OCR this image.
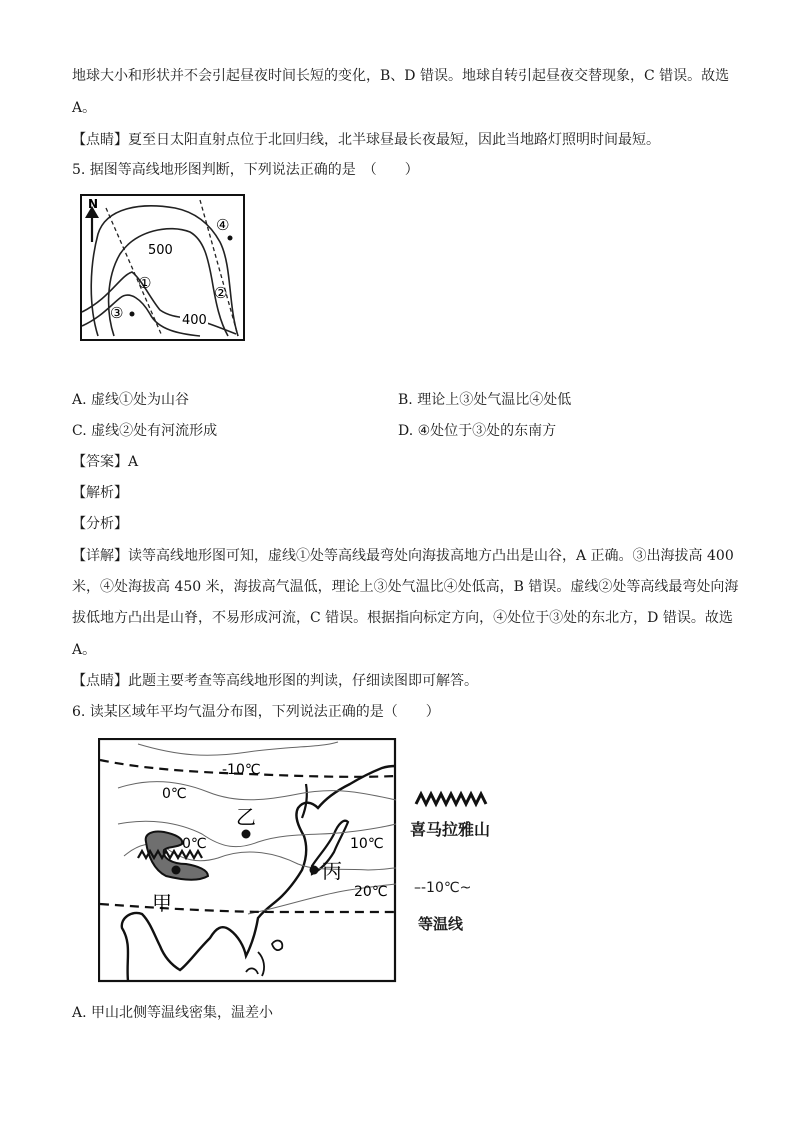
地球大小和形状并不会引起昼夜时间长短的变化，B、D 错误。地球自转引起昼夜交替现象，C 错误。故选
A。
【点睛】夏至日太阳直射点位于北回归线，北半球昼最长夜最短，因此当地路灯照明时间最短。
5. 据图等高线地形图判断，下列说法正确的是　（　　）
N
500
400
①
②
③
④
A. 虚线①处为山谷	B. 理论上③处气温比④处低
C. 虚线②处有河流形成	D. ④处位于③处的东南方
【答案】A
【解析】
【分析】
【详解】读等高线地形图可知，虚线①处等高线最弯处向海拔高地方凸出是山谷，A 正确。③出海拔高 400
米，④处海拔高 450 米，海拔高气温低，理论上③处气温比④处低高，B 错误。虚线②处等高线最弯处向海
拔低地方凸出是山脊，不易形成河流，C 错误。根据指向标定方向，④处位于③处的东北方，D 错误。故选
A。
【点睛】此题主要考查等高线地形图的判读，仔细读图即可解答。
6. 读某区域年平均气温分布图，下列说法正确的是（　　）
-10℃
0℃
0℃	10℃
20℃
乙
丙
甲
喜马拉雅山
–-10℃~
等温线
A. 甲山北侧等温线密集，温差小
